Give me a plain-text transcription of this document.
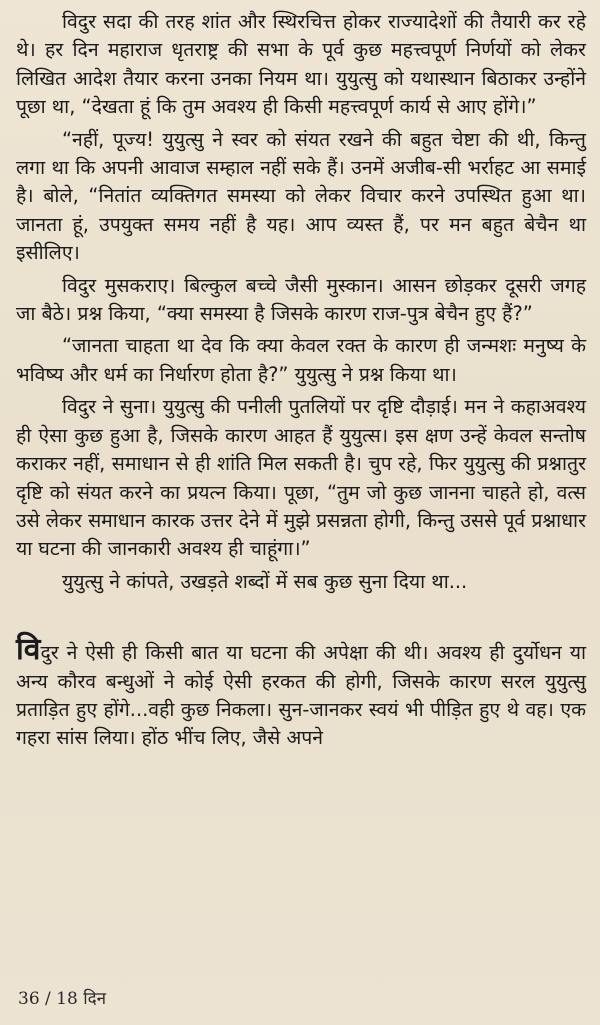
विदुर सदा की तरह शांत और स्थिरचित्त होकर राज्यादेशों की तैयारी कर रहे थे। हर दिन महाराज धृतराष्ट्र की सभा के पूर्व कुछ महत्त्वपूर्ण निर्णयों को लेकर लिखित आदेश तैयार करना उनका नियम था। युयुत्सु को यथास्थान बिठाकर उन्होंने पूछा था, “देखता हूं कि तुम अवश्य ही किसी महत्त्वपूर्ण कार्य से आए होंगे।”

“नहीं, पूज्य! युयुत्सु ने स्वर को संयत रखने की बहुत चेष्टा की थी, किन्तु लगा था कि अपनी आवाज सम्हाल नहीं सके हैं। उनमें अजीब-सी भर्राहट आ समाई है। बोले, “नितांत व्यक्तिगत समस्या को लेकर विचार करने उपस्थित हुआ था। जानता हूं, उपयुक्त समय नहीं है यह। आप व्यस्त हैं, पर मन बहुत बेचैन था इसीलिए।

विदुर मुसकराए। बिल्कुल बच्चे जैसी मुस्कान। आसन छोड़कर दूसरी जगह जा बैठे। प्रश्न किया, “क्या समस्या है जिसके कारण राज-पुत्र बेचैन हुए हैं?”

“जानता चाहता था देव कि क्या केवल रक्त के कारण ही जन्मशः मनुष्य के भविष्य और धर्म का निर्धारण होता है?” युयुत्सु ने प्रश्न किया था।

विदुर ने सुना। युयुत्सु की पनीली पुतलियों पर दृष्टि दौड़ाई। मन ने कहाअवश्य ही ऐसा कुछ हुआ है, जिसके कारण आहत हैं युयुत्स। इस क्षण उन्हें केवल सन्तोष कराकर नहीं, समाधान से ही शांति मिल सकती है। चुप रहे, फिर युयुत्सु की प्रश्नातुर दृष्टि को संयत करने का प्रयत्न किया। पूछा, “तुम जो कुछ जानना चाहते हो, वत्स उसे लेकर समाधान कारक उत्तर देने में मुझे प्रसन्नता होगी, किन्तु उससे पूर्व प्रश्नाधार या घटना की जानकारी अवश्य ही चाहूंगा।”

युयुत्सु ने कांपते, उखड़ते शब्दों में सब कुछ सुना दिया था...

विदुर ने ऐसी ही किसी बात या घटना की अपेक्षा की थी। अवश्य ही दुर्योधन या अन्य कौरव बन्धुओं ने कोई ऐसी हरकत की होगी, जिसके कारण सरल युयुत्सु प्रताड़ित हुए होंगे...वही कुछ निकला। सुन-जानकर स्वयं भी पीड़ित हुए थे वह। एक गहरा सांस लिया। होंठ भींच लिए, जैसे अपने

36 / 18 दिन
